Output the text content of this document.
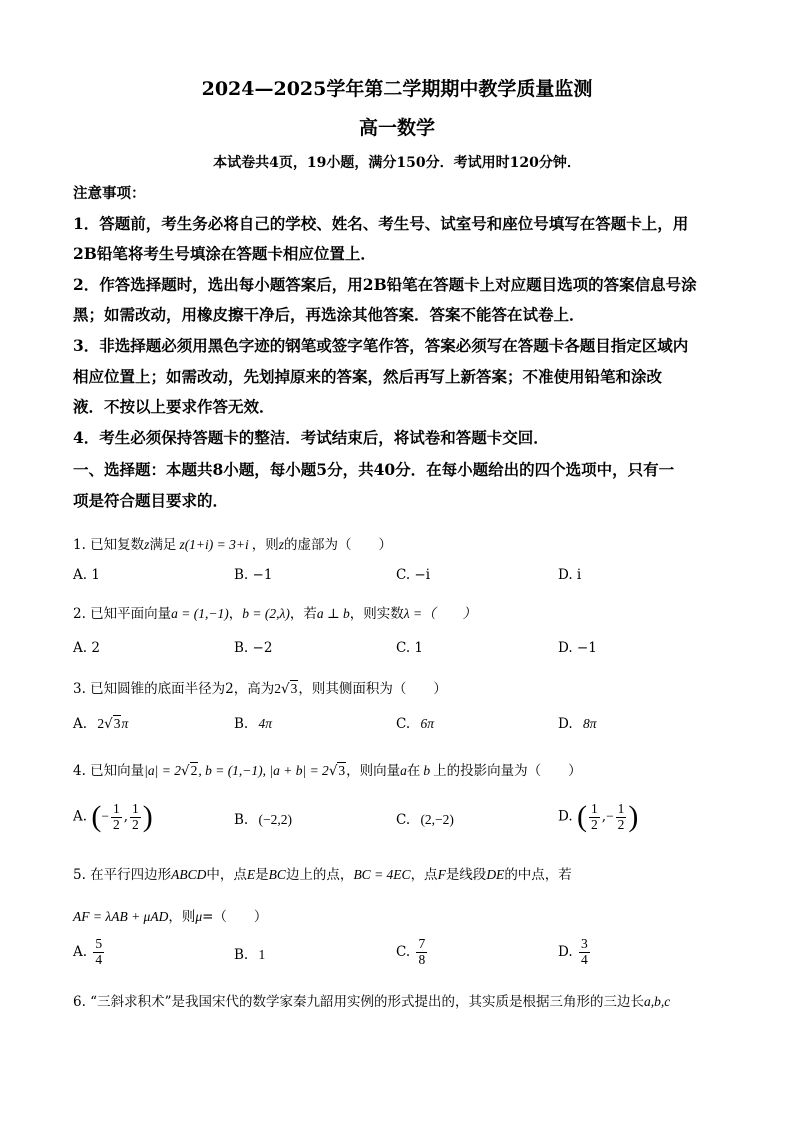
2024—2025学年第二学期期中教学质量监测
高一数学
本试卷共4页，19小题，满分150分．考试用时120分钟．
注意事项：
1．答题前，考生务必将自己的学校、姓名、考生号、试室号和座位号填写在答题卡上，用
2B铅笔将考生号填涂在答题卡相应位置上．
2．作答选择题时，选出每小题答案后，用2B铅笔在答题卡上对应题目选项的答案信息号涂
黑；如需改动，用橡皮擦干净后，再选涂其他答案．答案不能答在试卷上．
3．非选择题必须用黑色字迹的钢笔或签字笔作答，答案必须写在答题卡各题目指定区域内
相应位置上；如需改动，先划掉原来的答案，然后再写上新答案；不准使用铅笔和涂改
液．不按以上要求作答无效．
4．考生必须保持答题卡的整洁．考试结束后，将试卷和答题卡交回．
一、选择题：本题共8小题，每小题5分，共40分．在每小题给出的四个选项中，只有一
项是符合题目要求的．
1. 已知复数z满足 z(1+i) = 3+i ，则z的虚部为（　　）
A. 1	B. −1	C. −i	D. i
2. 已知平面向量a = (1,−1)，b = (2,λ)，若a ⊥ b，则实数λ =（　　）
A. 2	B. −2	C. 1	D. −1
3. 已知圆锥的底面半径为2，高为2√3，则其侧面积为（　　）
A. 2√3π	B. 4π	C. 6π	D. 8π
4. 已知向量|a| = 2√2, b = (1,−1), |a + b| = 2√3，则向量a在 b 上的投影向量为（　　）
A. (− $\frac{1}{2}$ , $\frac{1}{2}$ )	B. (−2,2)	C. (2,−2)	D. ( $\frac{1}{2}$ ,− $\frac{1}{2}$ )
5. 在平行四边形ABCD中，点E是BC边上的点，BC = 4EC，点F是线段DE的中点，若
AF = λAB + μAD，则μ=（　　）
A. $\frac{5}{4}$	B. 1	C. $\frac{7}{8}$	D. $\frac{3}{4}$
6. “三斜求积术”是我国宋代的数学家秦九韶用实例的形式提出的，其实质是根据三角形的三边长a,b,c
